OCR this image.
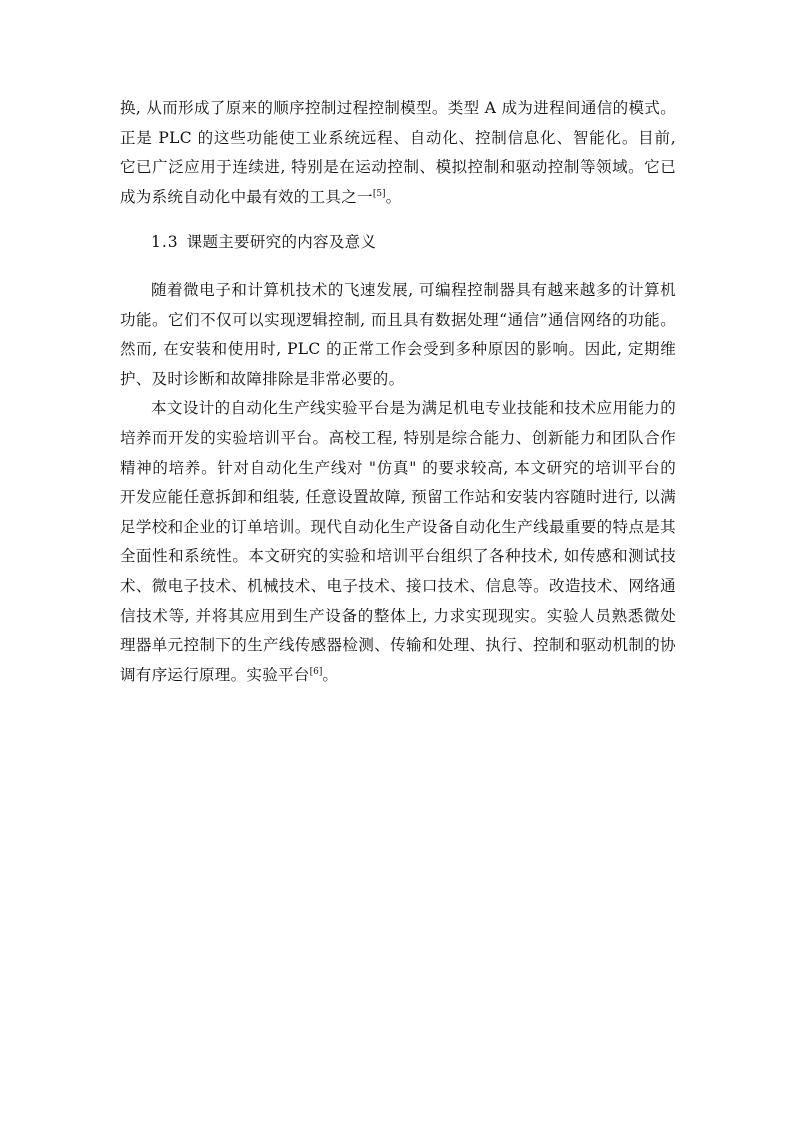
换, 从而形成了原来的顺序控制过程控制模型。类型 A 成为进程间通信的模式。正是 PLC 的这些功能使工业系统远程、自动化、控制信息化、智能化。目前, 它已广泛应用于连续进, 特别是在运动控制、模拟控制和驱动控制等领域。它已成为系统自动化中最有效的工具之一[5]。

1.3 课题主要研究的内容及意义

随着微电子和计算机技术的飞速发展, 可编程控制器具有越来越多的计算机功能。它们不仅可以实现逻辑控制, 而且具有数据处理“通信”通信网络的功能。然而, 在安装和使用时, PLC 的正常工作会受到多种原因的影响。因此, 定期维护、及时诊断和故障排除是非常必要的。

本文设计的自动化生产线实验平台是为满足机电专业技能和技术应用能力的培养而开发的实验培训平台。高校工程, 特别是综合能力、创新能力和团队合作精神的培养。针对自动化生产线对 "仿真" 的要求较高, 本文研究的培训平台的开发应能任意拆卸和组装, 任意设置故障, 预留工作站和安装内容随时进行, 以满足学校和企业的订单培训。现代自动化生产设备自动化生产线最重要的特点是其全面性和系统性。本文研究的实验和培训平台组织了各种技术, 如传感和测试技术、微电子技术、机械技术、电子技术、接口技术、信息等。改造技术、网络通信技术等, 并将其应用到生产设备的整体上, 力求实现现实。实验人员熟悉微处理器单元控制下的生产线传感器检测、传输和处理、执行、控制和驱动机制的协调有序运行原理。实验平台[6]。
